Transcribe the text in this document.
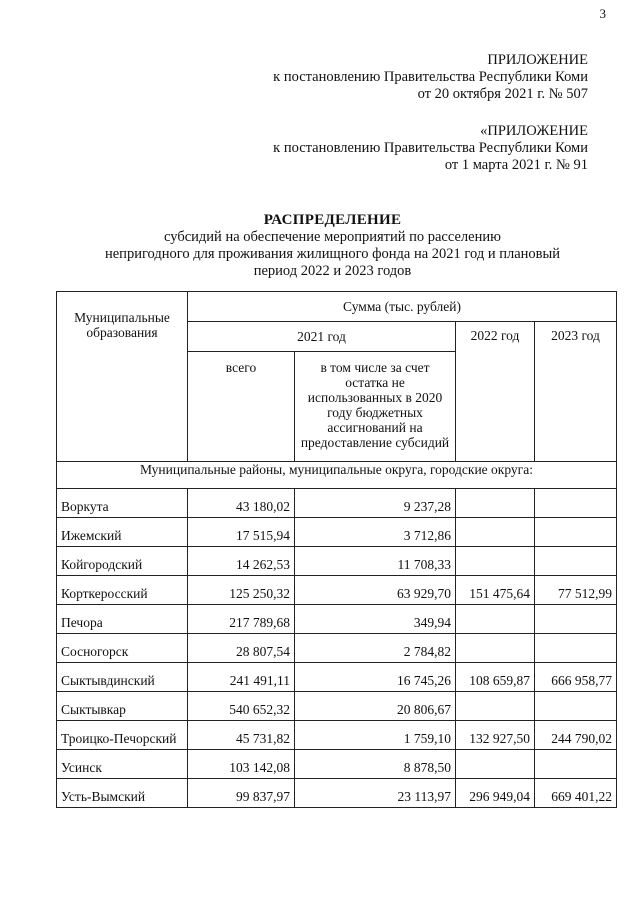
3
ПРИЛОЖЕНИЕ
к постановлению Правительства Республики Коми
от 20 октября 2021 г. № 507
«ПРИЛОЖЕНИЕ
к постановлению Правительства Республики Коми
от 1 марта 2021 г. № 91
РАСПРЕДЕЛЕНИЕ
субсидий на обеспечение мероприятий по расселению
непригодного для проживания жилищного фонда на 2021 год и плановый
период 2022 и 2023 годов
Муниципальные образования	Сумма (тыс. рублей)			
	2021 год		2022 год	2023 год
	всего	в том числе за счет остатка не использованных в 2020 году бюджетных ассигнований на предоставление субсидий		
Муниципальные районы, муниципальные округа, городские округа:				
Воркута	43 180,02	9 237,28		
Ижемский	17 515,94	3 712,86		
Койгородский	14 262,53	11 708,33		
Корткеросский	125 250,32	63 929,70	151 475,64	77 512,99
Печора	217 789,68	349,94		
Сосногорск	28 807,54	2 784,82		
Сыктывдинский	241 491,11	16 745,26	108 659,87	666 958,77
Сыктывкар	540 652,32	20 806,67		
Троицко-Печорский	45 731,82	1 759,10	132 927,50	244 790,02
Усинск	103 142,08	8 878,50		
Усть-Вымский	99 837,97	23 113,97	296 949,04	669 401,22
